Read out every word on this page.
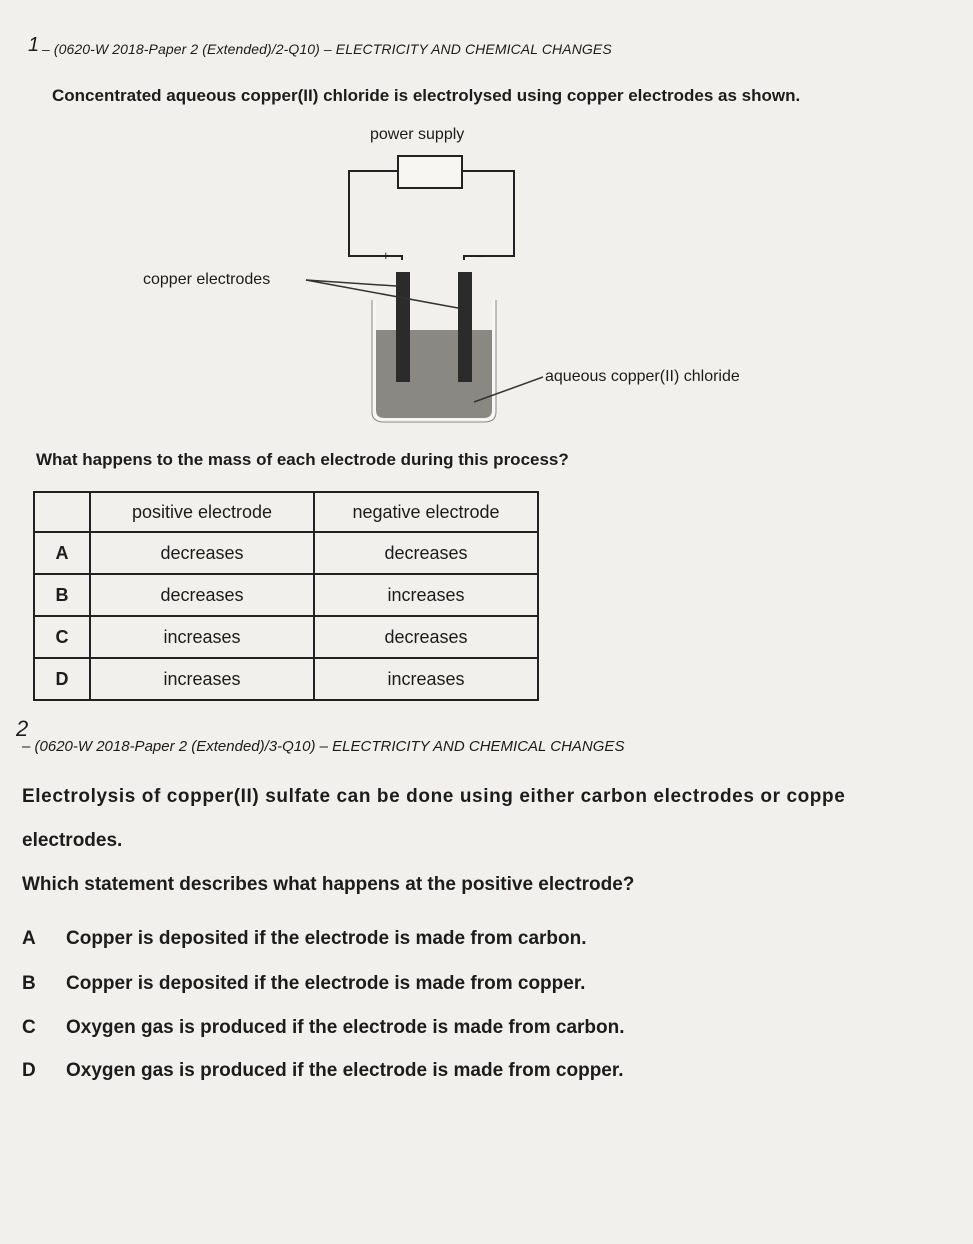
1 – (0620-W 2018-Paper 2 (Extended)/2-Q10) – ELECTRICITY AND CHEMICAL CHANGES
Concentrated aqueous copper(II) chloride is electrolysed using copper electrodes as shown.
power supply
copper electrodes
aqueous copper(II) chloride
+	–
What happens to the mass of each electrode during this process?
	positive electrode	negative electrode
A	decreases	decreases
B	decreases	increases
C	increases	decreases
D	increases	increases
2
– (0620-W 2018-Paper 2 (Extended)/3-Q10) – ELECTRICITY AND CHEMICAL CHANGES
Electrolysis of copper(II) sulfate can be done using either carbon electrodes or coppe
electrodes.
Which statement describes what happens at the positive electrode?
A Copper is deposited if the electrode is made from carbon.
B Copper is deposited if the electrode is made from copper.
C Oxygen gas is produced if the electrode is made from carbon.
D Oxygen gas is produced if the electrode is made from copper.
